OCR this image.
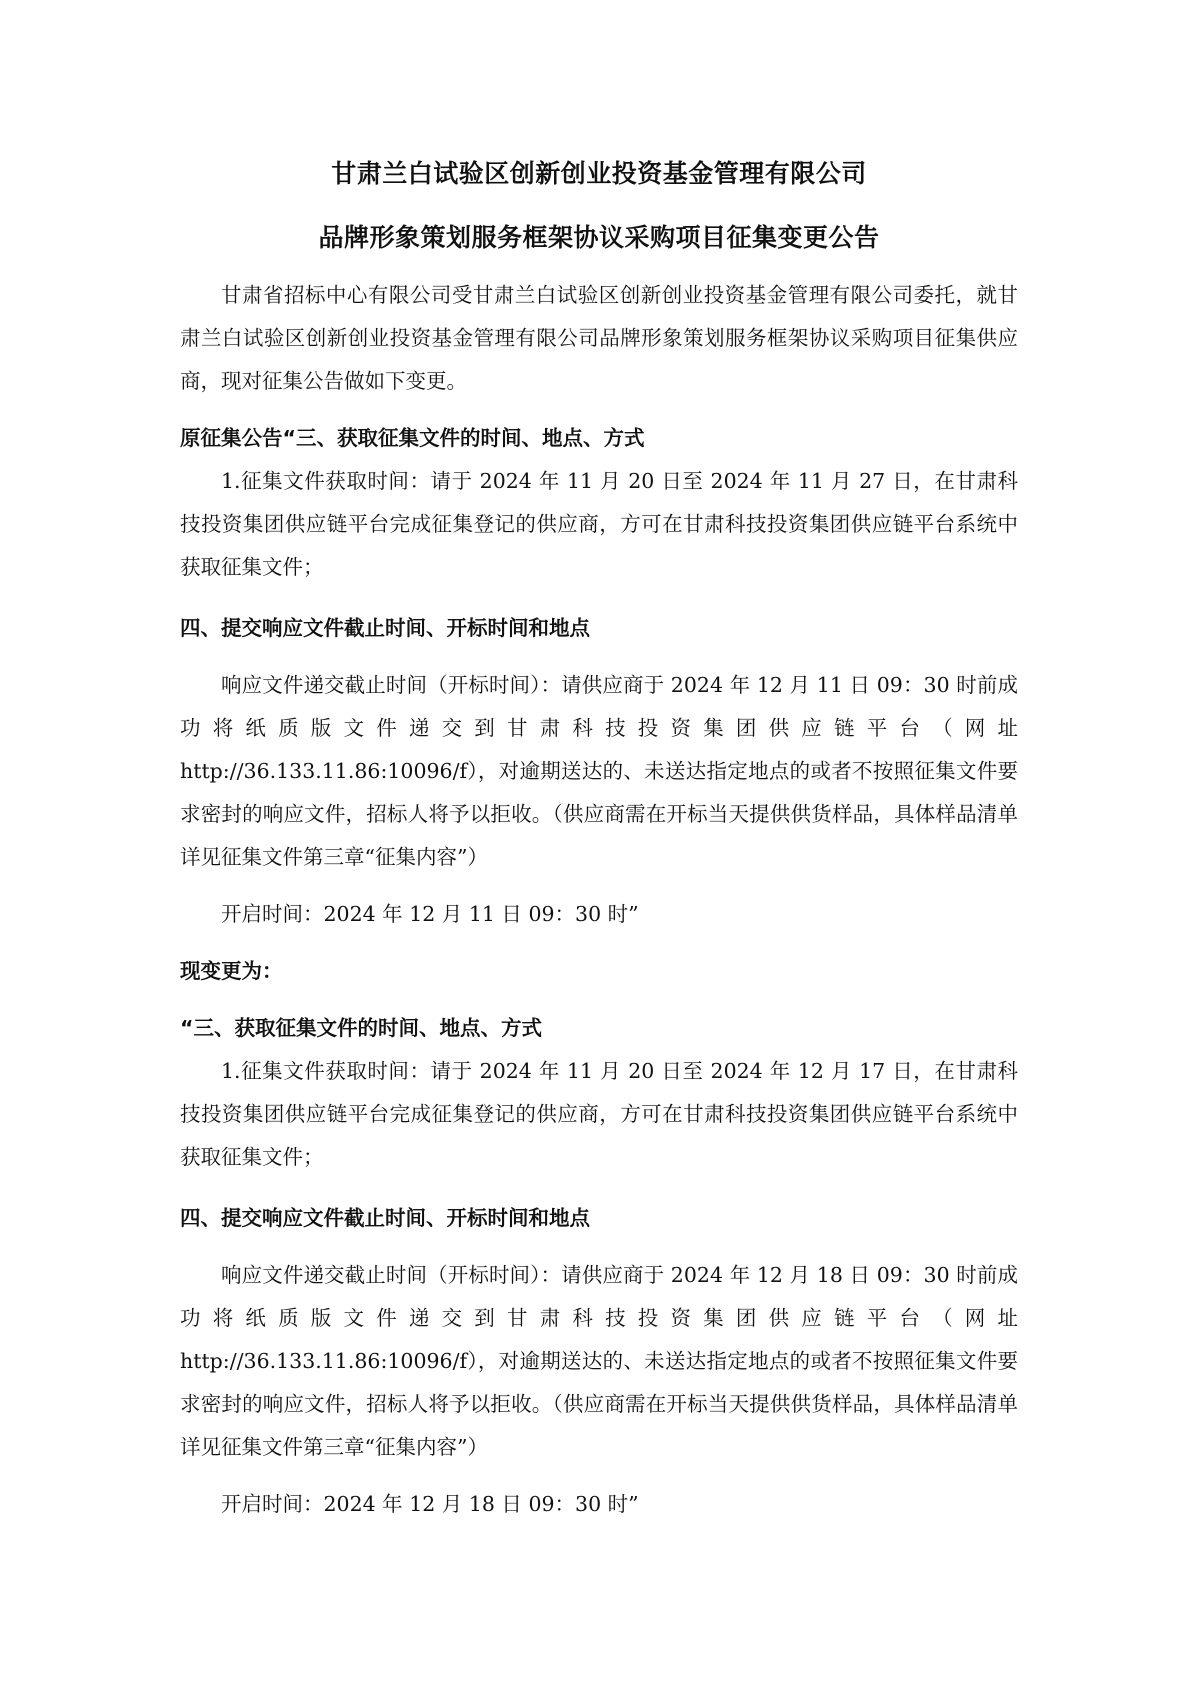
甘肃兰白试验区创新创业投资基金管理有限公司
品牌形象策划服务框架协议采购项目征集变更公告

甘肃省招标中心有限公司受甘肃兰白试验区创新创业投资基金管理有限公司委托，就甘肃兰白试验区创新创业投资基金管理有限公司品牌形象策划服务框架协议采购项目征集供应商，现对征集公告做如下变更。

原征集公告“三、获取征集文件的时间、地点、方式

1.征集文件获取时间：请于 2024 年 11 月 20 日至 2024 年 11 月 27 日，在甘肃科技投资集团供应链平台完成征集登记的供应商，方可在甘肃科技投资集团供应链平台系统中获取征集文件；

四、提交响应文件截止时间、开标时间和地点

响应文件递交截止时间（开标时间）：请供应商于 2024 年 12 月 11 日 09：30 时前成功将纸质版文件递交到甘肃科技投资集团供应链平台（网址http://36.133.11.86:10096/f），对逾期送达的、未送达指定地点的或者不按照征集文件要求密封的响应文件，招标人将予以拒收。（供应商需在开标当天提供供货样品，具体样品清单详见征集文件第三章“征集内容”）

开启时间：2024 年 12 月 11 日 09：30 时”

现变更为：
“三、获取征集文件的时间、地点、方式

1.征集文件获取时间：请于 2024 年 11 月 20 日至 2024 年 12 月 17 日，在甘肃科技投资集团供应链平台完成征集登记的供应商，方可在甘肃科技投资集团供应链平台系统中获取征集文件；

四、提交响应文件截止时间、开标时间和地点

响应文件递交截止时间（开标时间）：请供应商于 2024 年 12 月 18 日 09：30 时前成功将纸质版文件递交到甘肃科技投资集团供应链平台（网址http://36.133.11.86:10096/f），对逾期送达的、未送达指定地点的或者不按照征集文件要求密封的响应文件，招标人将予以拒收。（供应商需在开标当天提供供货样品，具体样品清单详见征集文件第三章“征集内容”）

开启时间：2024 年 12 月 18 日 09：30 时”
